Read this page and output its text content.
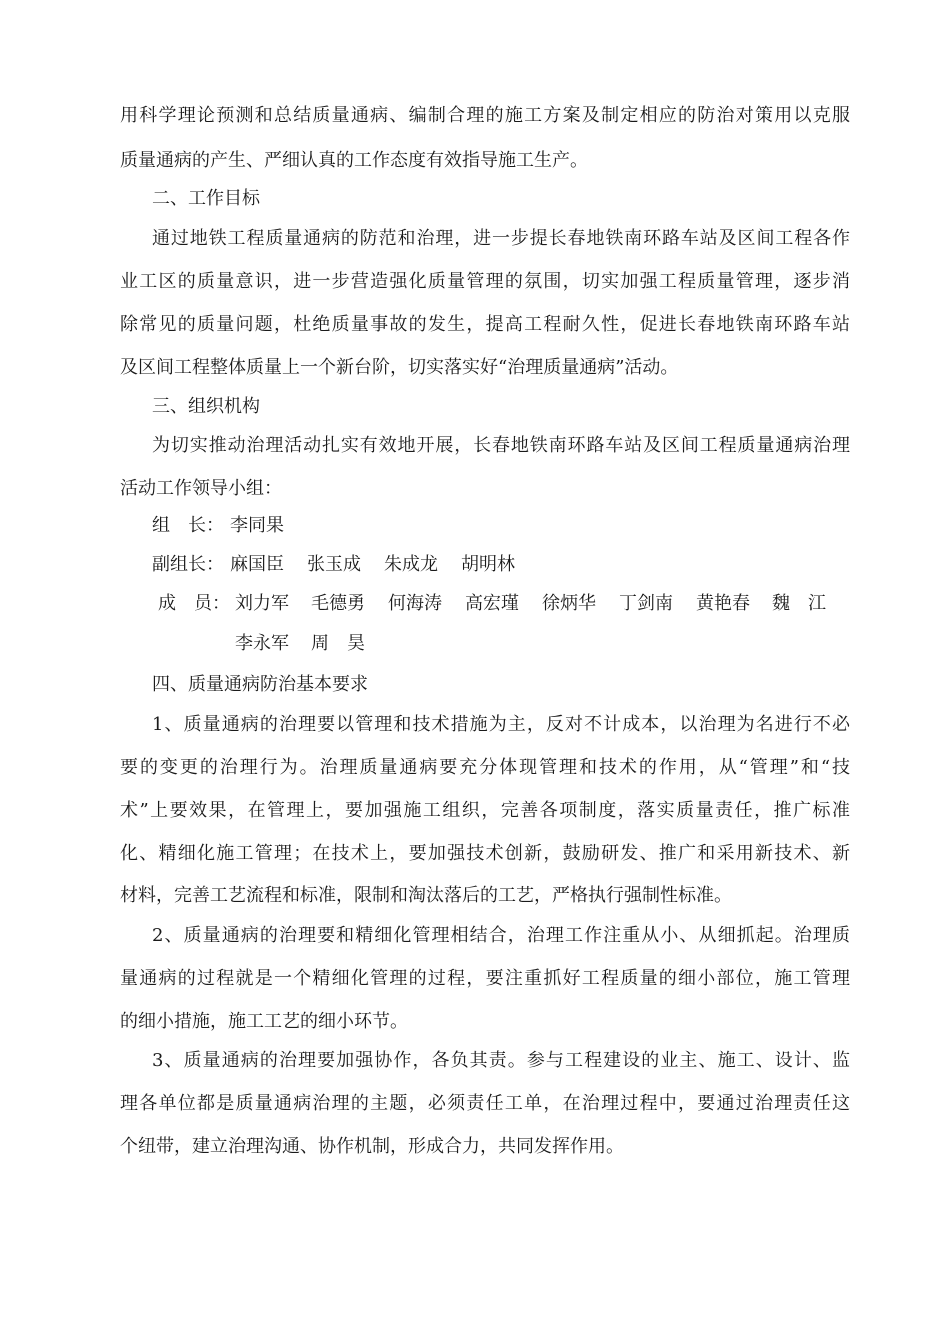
用科学理论预测和总结质量通病、编制合理的施工方案及制定相应的防治对策用以克服
质量通病的产生、严细认真的工作态度有效指导施工生产。
二、工作目标
通过地铁工程质量通病的防范和治理，进一步提长春地铁南环路车站及区间工程各作
业工区的质量意识，进一步营造强化质量管理的氛围，切实加强工程质量管理，逐步消
除常见的质量问题，杜绝质量事故的发生，提高工程耐久性，促进长春地铁南环路车站
及区间工程整体质量上一个新台阶，切实落实好“治理质量通病”活动。
三、组织机构
为切实推动治理活动扎实有效地开展，长春地铁南环路车站及区间工程质量通病治理
活动工作领导小组：
组　长： 李同果
副组长： 麻国臣 张玉成 朱成龙 胡明林
成　员： 刘力军 毛德勇 何海涛 高宏瑾 徐炳华 丁剑南 黄艳春 魏　江
李永军 周　昊
四、质量通病防治基本要求
1、质量通病的治理要以管理和技术措施为主，反对不计成本，以治理为名进行不必
要的变更的治理行为。治理质量通病要充分体现管理和技术的作用，从“管理”和“技
术”上要效果，在管理上，要加强施工组织，完善各项制度，落实质量责任，推广标准
化、精细化施工管理；在技术上，要加强技术创新，鼓励研发、推广和采用新技术、新
材料，完善工艺流程和标准，限制和淘汰落后的工艺，严格执行强制性标准。
2、质量通病的治理要和精细化管理相结合，治理工作注重从小、从细抓起。治理质
量通病的过程就是一个精细化管理的过程，要注重抓好工程质量的细小部位，施工管理
的细小措施，施工工艺的细小环节。
3、质量通病的治理要加强协作，各负其责。参与工程建设的业主、施工、设计、监
理各单位都是质量通病治理的主题，必须责任工单，在治理过程中，要通过治理责任这
个纽带，建立治理沟通、协作机制，形成合力，共同发挥作用。
